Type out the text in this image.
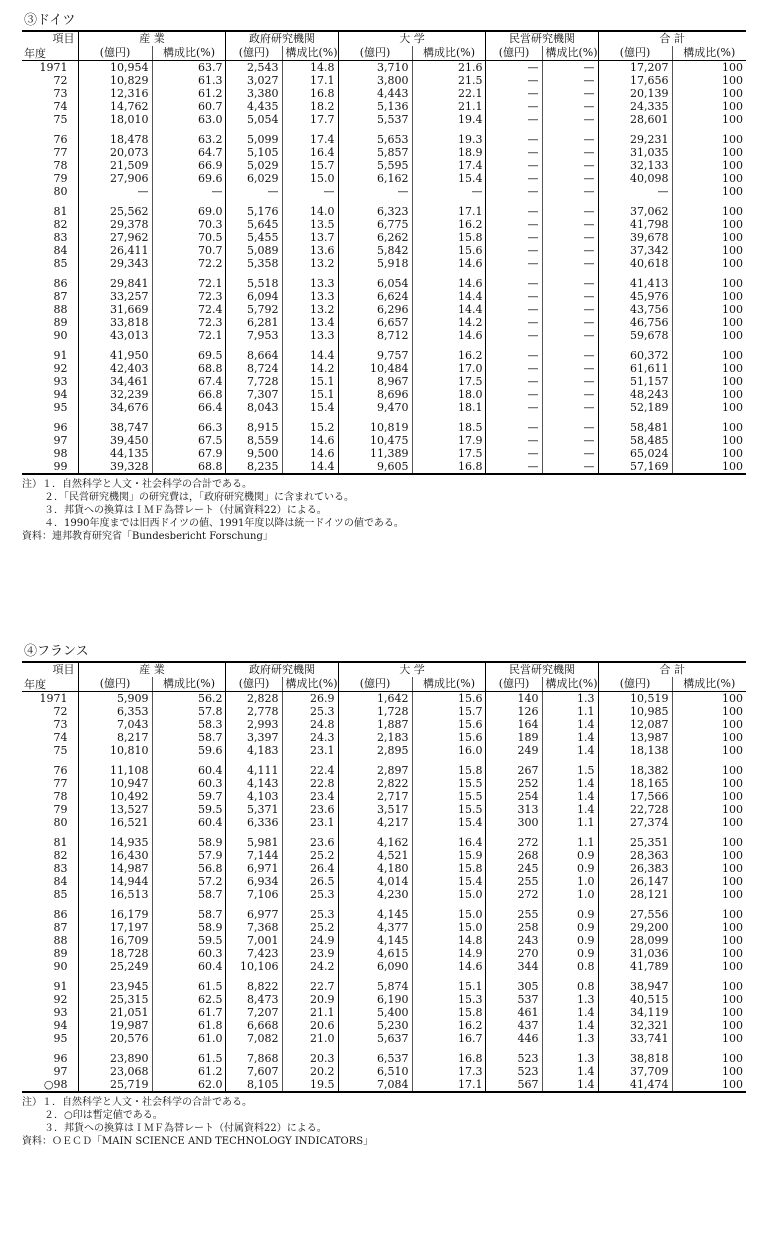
③ドイツ
項目
年度	産 業		政府研究機関		大 学		民営研究機関		合 計	
	(億円)	構成比(%)	(億円)	構成比(%)	(億円)	構成比(%)	(億円)	構成比(%)	(億円)	構成比(%)
1971	10,954	63.7	2,543	14.8	3,710	21.6	—	—	17,207	100
72	10,829	61.3	3,027	17.1	3,800	21.5	—	—	17,656	100
73	12,316	61.2	3,380	16.8	4,443	22.1	—	—	20,139	100
74	14,762	60.7	4,435	18.2	5,136	21.1	—	—	24,335	100
75	18,010	63.0	5,054	17.7	5,537	19.4	—	—	28,601	100

76	18,478	63.2	5,099	17.4	5,653	19.3	—	—	29,231	100
77	20,073	64.7	5,105	16.4	5,857	18.9	—	—	31,035	100
78	21,509	66.9	5,029	15.7	5,595	17.4	—	—	32,133	100
79	27,906	69.6	6,029	15.0	6,162	15.4	—	—	40,098	100
80	—	—	—	—	—	—	—	—	—	100

81	25,562	69.0	5,176	14.0	6,323	17.1	—	—	37,062	100
82	29,378	70.3	5,645	13.5	6,775	16.2	—	—	41,798	100
83	27,962	70.5	5,455	13.7	6,262	15.8	—	—	39,678	100
84	26,411	70.7	5,089	13.6	5,842	15.6	—	—	37,342	100
85	29,343	72.2	5,358	13.2	5,918	14.6	—	—	40,618	100

86	29,841	72.1	5,518	13.3	6,054	14.6	—	—	41,413	100
87	33,257	72.3	6,094	13.3	6,624	14.4	—	—	45,976	100
88	31,669	72.4	5,792	13.2	6,296	14.4	—	—	43,756	100
89	33,818	72.3	6,281	13.4	6,657	14.2	—	—	46,756	100
90	43,013	72.1	7,953	13.3	8,712	14.6	—	—	59,678	100

91	41,950	69.5	8,664	14.4	9,757	16.2	—	—	60,372	100
92	42,403	68.8	8,724	14.2	10,484	17.0	—	—	61,611	100
93	34,461	67.4	7,728	15.1	8,967	17.5	—	—	51,157	100
94	32,239	66.8	7,307	15.1	8,696	18.0	—	—	48,243	100
95	34,676	66.4	8,043	15.4	9,470	18.1	—	—	52,189	100

96	38,747	66.3	8,915	15.2	10,819	18.5	—	—	58,481	100
97	39,450	67.5	8,559	14.6	10,475	17.9	—	—	58,485	100
98	44,135	67.9	9,500	14.6	11,389	17.5	—	—	65,024	100
99	39,328	68.8	8,235	14.4	9,605	16.8	—	—	57,169	100
注）１．自然科学と人文・社会科学の合計である。
２．「民営研究機関」の研究費は，「政府研究機関」に含まれている。
３．邦貨への換算はＩＭＦ為替レート（付属資料22）による。
４．1990年度までは旧西ドイツの値、1991年度以降は統一ドイツの値である。
資料：連邦教育研究省「Bundesbericht Forschung」
④フランス
項目
年度	産 業		政府研究機関		大 学		民営研究機関		合 計	
	(億円)	構成比(%)	(億円)	構成比(%)	(億円)	構成比(%)	(億円)	構成比(%)	(億円)	構成比(%)
1971	5,909	56.2	2,828	26.9	1,642	15.6	140	1.3	10,519	100
72	6,353	57.8	2,778	25.3	1,728	15.7	126	1.1	10,985	100
73	7,043	58.3	2,993	24.8	1,887	15.6	164	1.4	12,087	100
74	8,217	58.7	3,397	24.3	2,183	15.6	189	1.4	13,987	100
75	10,810	59.6	4,183	23.1	2,895	16.0	249	1.4	18,138	100

76	11,108	60.4	4,111	22.4	2,897	15.8	267	1.5	18,382	100
77	10,947	60.3	4,143	22.8	2,822	15.5	252	1.4	18,165	100
78	10,492	59.7	4,103	23.4	2,717	15.5	254	1.4	17,566	100
79	13,527	59.5	5,371	23.6	3,517	15.5	313	1.4	22,728	100
80	16,521	60.4	6,336	23.1	4,217	15.4	300	1.1	27,374	100

81	14,935	58.9	5,981	23.6	4,162	16.4	272	1.1	25,351	100
82	16,430	57.9	7,144	25.2	4,521	15.9	268	0.9	28,363	100
83	14,987	56.8	6,971	26.4	4,180	15.8	245	0.9	26,383	100
84	14,944	57.2	6,934	26.5	4,014	15.4	255	1.0	26,147	100
85	16,513	58.7	7,106	25.3	4,230	15.0	272	1.0	28,121	100

86	16,179	58.7	6,977	25.3	4,145	15.0	255	0.9	27,556	100
87	17,197	58.9	7,368	25.2	4,377	15.0	258	0.9	29,200	100
88	16,709	59.5	7,001	24.9	4,145	14.8	243	0.9	28,099	100
89	18,728	60.3	7,423	23.9	4,615	14.9	270	0.9	31,036	100
90	25,249	60.4	10,106	24.2	6,090	14.6	344	0.8	41,789	100

91	23,945	61.5	8,822	22.7	5,874	15.1	305	0.8	38,947	100
92	25,315	62.5	8,473	20.9	6,190	15.3	537	1.3	40,515	100
93	21,051	61.7	7,207	21.1	5,400	15.8	461	1.4	34,119	100
94	19,987	61.8	6,668	20.6	5,230	16.2	437	1.4	32,321	100
95	20,576	61.0	7,082	21.0	5,637	16.7	446	1.3	33,741	100

96	23,890	61.5	7,868	20.3	6,537	16.8	523	1.3	38,818	100
97	23,068	61.2	7,607	20.2	6,510	17.3	523	1.4	37,709	100
○98	25,719	62.0	8,105	19.5	7,084	17.1	567	1.4	41,474	100
注）１．自然科学と人文・社会科学の合計である。
２．○印は暫定値である。
３．邦貨への換算はＩＭＦ為替レート（付属資料22）による。
資料：ＯＥＣＤ「MAIN SCIENCE AND TECHNOLOGY INDICATORS」
